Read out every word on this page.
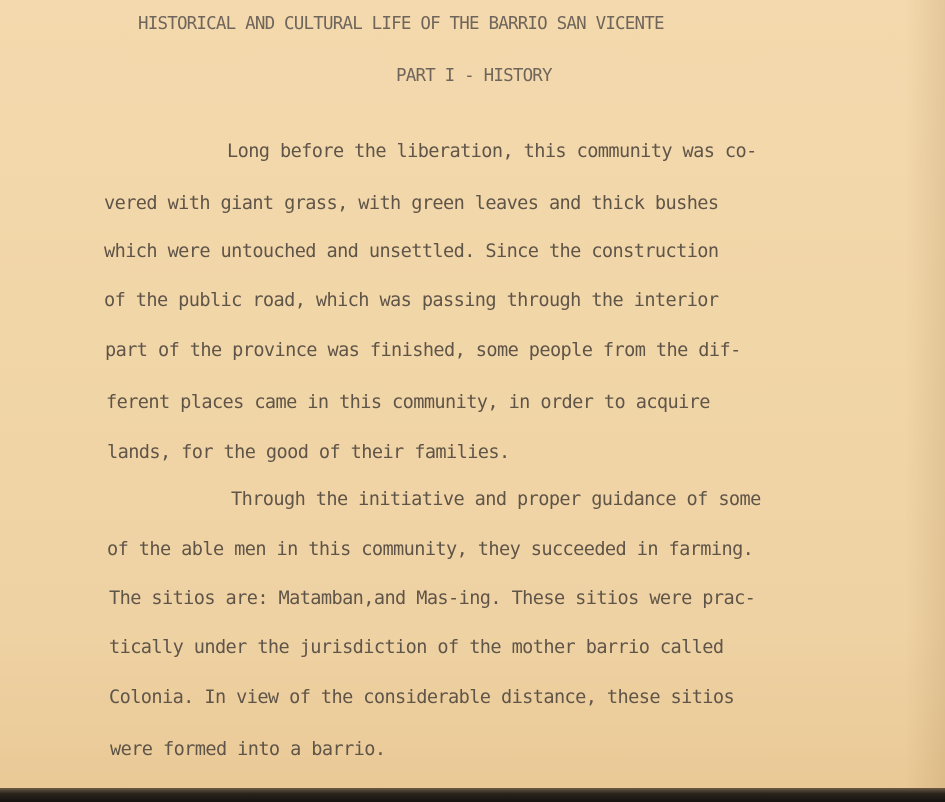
HISTORICAL AND CULTURAL LIFE OF THE BARRIO SAN VICENTE
PART I - HISTORY
Long before the liberation, this community was co-
vered with giant grass, with green leaves and thick bushes
which were untouched and unsettled. Since the construction
of the public road, which was passing through the interior
part of the province was finished, some people from the dif-
ferent places came in this community, in order to acquire
lands, for the good of their families.
Through the initiative and proper guidance of some
of the able men in this community, they succeeded in farming.
The sitios are: Matamban,and Mas-ing. These sitios were prac-
tically under the jurisdiction of the mother barrio called
Colonia. In view of the considerable distance, these sitios
were formed into a barrio.
